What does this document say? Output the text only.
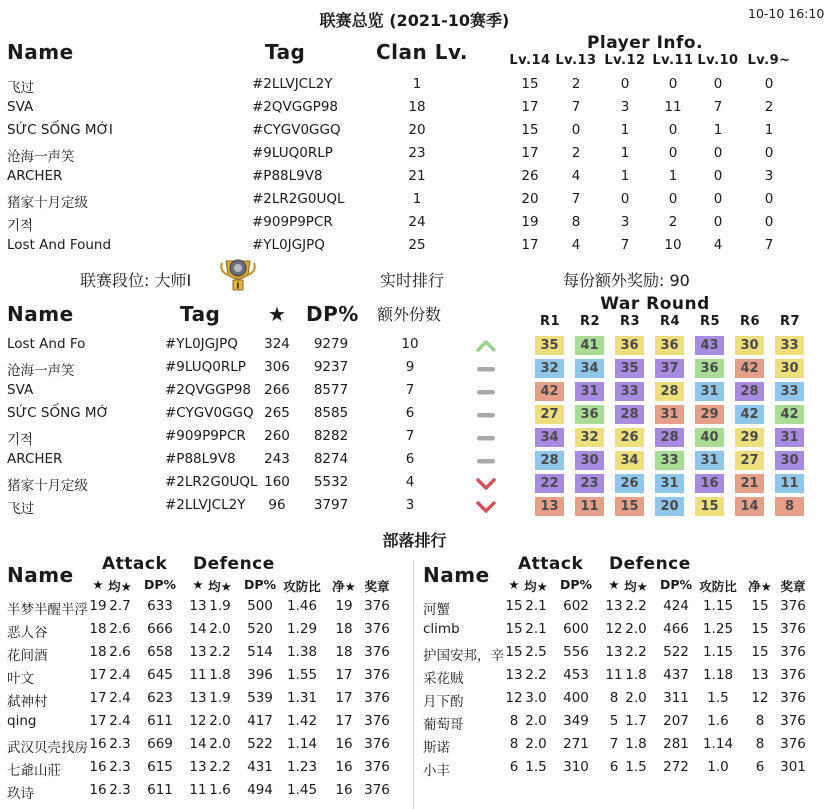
联赛总览 (2021-10赛季)	10-10 16:10
Name	Tag	Clan Lv.	Player Info.
Lv.14 Lv.13 Lv.12 Lv.11 Lv.10 Lv.9~
飞过	#2LLVJCL2Y	1	15	2	0	0	0	0
SVA	#2QVGGP98	18	17	7	3	11	7	2
SỨC SỐNG MỚI	#CYGV0GGQ	20	15	0	1	0	1	1
沧海一声笑	#9LUQ0RLP	23	17	2	1	0	0	0
ARCHER	#P88L9V8	21	26	4	1	1	0	3
猪家十月定级	#2LR2G0UQL	1	20	7	0	0	0	0
기적	#909P9PCR	24	19	8	3	2	0	0
Lost And Found	#YL0JGJPQ	25	17	4	7	10	4	7
联赛段位: 大师I	I	实时排行	每份额外奖励: 90
Name	Tag ★ DP% 额外份数
War Round
R1	R2	R3	R4	R5	R6	R7
Lost And Fo	#YL0JGJPQ	324 9279	10	35	41	36	36	43	30	33
沧海一声笑	#9LUQ0RLP	306 9237	9	32	34	35	37	36	42	30
SVA	#2QVGGP98 266 8577	7	42	31	33	28	31	28	33
SỨC SỐNG MỚ	#CYGV0GGQ 265 8585	6	27	36	28	31	29	42	42
기적	#909P9PCR	260 8282	7	34	32	26	28	40	29	31
ARCHER	#P88L9V8	243 8274	6	28	30	34	33	31	27	30
猪家十月定级	#2LR2G0UQL 160 5532	4	22	23	26	31	16	21	11
飞过	#2LLVJCL2Y	96	3797	3	13	11	15	20	15	14	8
部落排行
Name Attack Defence
★ 均★ DP%	★ 均★ DP% 攻防比 净★ 奖章
半梦半醒半浮 19 2.7	633	13 1.9	500	1.46	19 376
恶人谷	18 2.6	666	14 2.0	520	1.29	18 376
花间酒	18 2.6	658	13 2.2	514	1.38	18 376
叶文	17 2.4	645	11 1.8	396	1.55	17 376
弑神村	17 2.4	623	13 1.9	539	1.31	17 376
qing	17 2.4	611	12 2.0	417	1.42	17 376
武汉贝壳找房 16 2.3	669	14 2.0	522	1.14	16 376
七爺山莊	16 2.3	615	13 2.2	431	1.23	16 376
玖诗	16 2.3	611	11 1.6	494	1.45	16 376
Name Attack Defence
★ 均★ DP%	★ 均★ DP% 攻防比 净★ 奖章
河蟹	15 2.1	602	13 2.2	424	1.15	15 376
climb	15 2.1	600	12 2.0	466	1.25	15 376
护国安邦，辛 15 2.5	556	13 2.2	522	1.15	15 376
采花贼	13 2.2	453	11 1.8	437	1.18	13 376
月下酌	12 3.0	400	8 2.0	311	1.5	12 376
葡萄哥	8 2.0	349	5 1.7	207	1.6	8	376
斯诺	8 2.0	271	7 1.8	281	1.14	8	376
小丰	6 1.5	310	6 1.5	272	1.0	6	301
